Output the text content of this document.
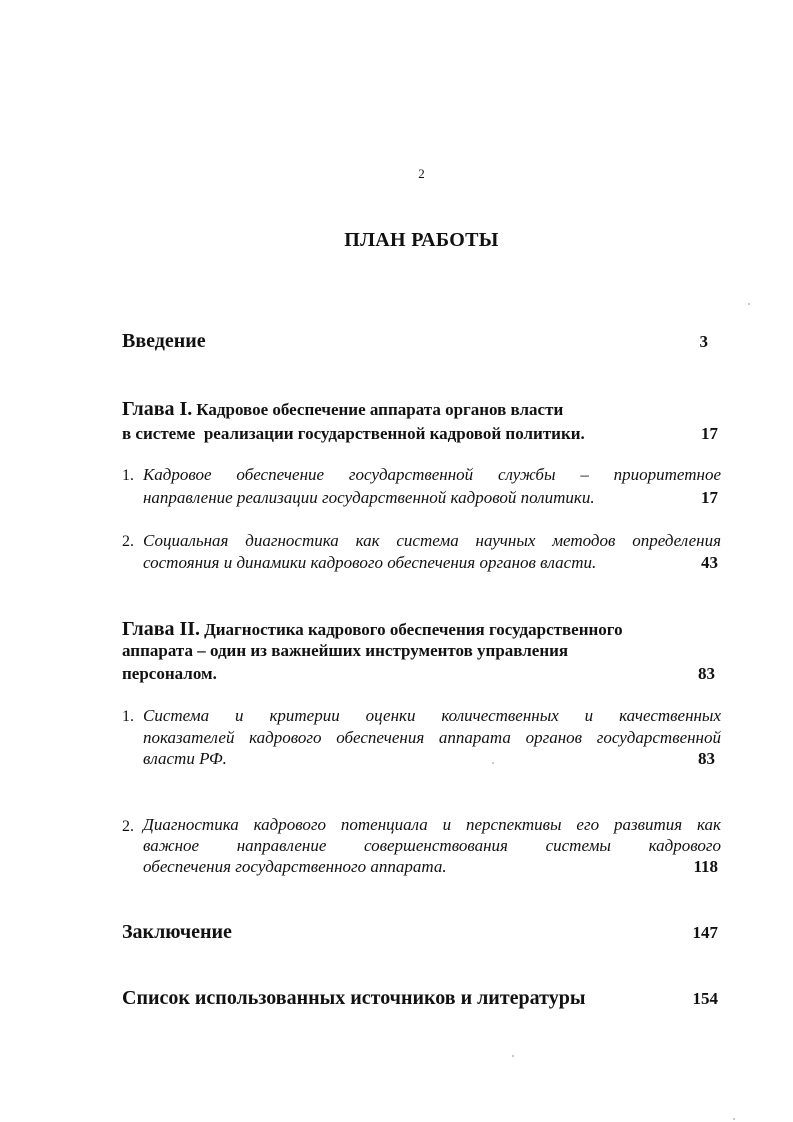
2
ПЛАН РАБОТЫ
Введение	3
Глава I. Кадровое обеспечение аппарата органов власти
в системе  реализации государственной кадровой политики.	17
1. Кадровое обеспечение государственной службы – приоритетное
направление реализации государственной кадровой политики.	17
2. Социальная диагностика как система научных методов определения
состояния и динамики кадрового обеспечения органов власти.	43
Глава II. Диагностика кадрового обеспечения государственного
аппарата – один из важнейших инструментов управления
персоналом.	83
1. Система и критерии оценки количественных и качественных
показателей кадрового обеспечения аппарата органов государственной
власти РФ.	83
2. Диагностика кадрового потенциала и перспективы его развития как
важное направление совершенствования системы кадрового
обеспечения государственного аппарата.	118
Заключение	147
Список использованных источников и литературы	154
